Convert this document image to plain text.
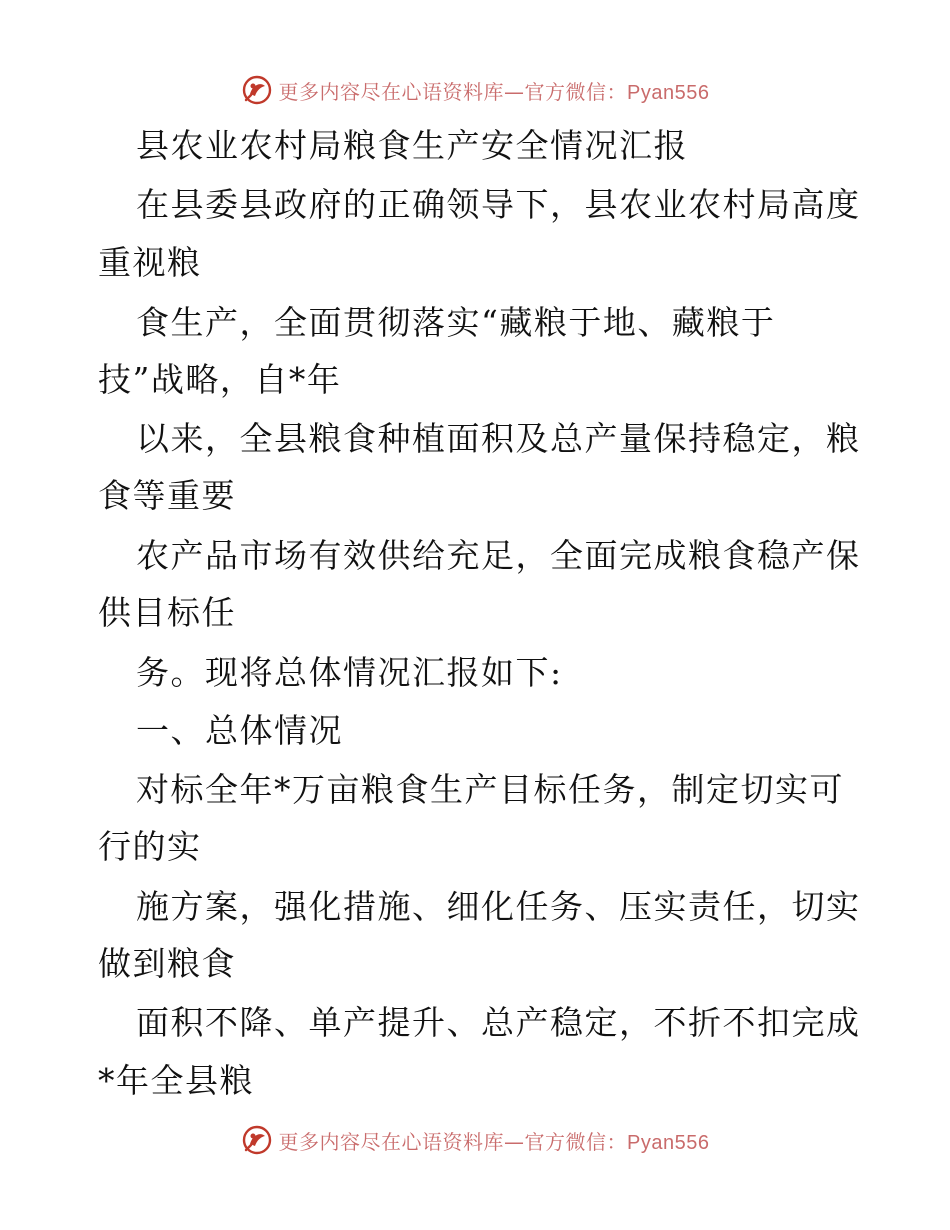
更多内容尽在心语资料库—官方微信：Pyan556
县农业农村局粮食生产安全情况汇报
在县委县政府的正确领导下，县农业农村局高度
重视粮
食生产，全面贯彻落实“藏粮于地、藏粮于
技”战略，自*年
以来，全县粮食种植面积及总产量保持稳定，粮
食等重要
农产品市场有效供给充足，全面完成粮食稳产保
供目标任
务。现将总体情况汇报如下:
一、总体情况
对标全年*万亩粮食生产目标任务，制定切实可
行的实
施方案，强化措施、细化任务、压实责任，切实
做到粮食
面积不降、单产提升、总产稳定，不折不扣完成
*年全县粮
更多内容尽在心语资料库—官方微信：Pyan556
